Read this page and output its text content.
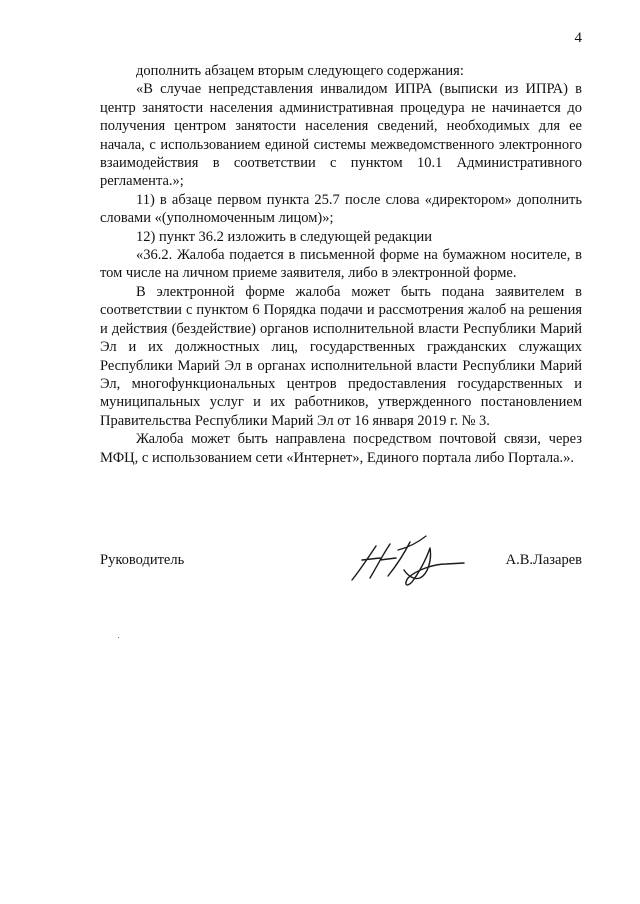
4

дополнить абзацем вторым следующего содержания:

«В случае непредставления инвалидом ИПРА (выписки из ИПРА) в центр занятости населения административная процедура не начинается до получения центром занятости населения сведений, необходимых для ее начала, с использованием единой системы межведомственного электронного взаимодействия в соответствии с пунктом 10.1 Административного регламента.»;

11) в абзаце первом пункта 25.7 после слова «директором» дополнить словами «(уполномоченным лицом)»;

12) пункт 36.2 изложить в следующей редакции

«36.2. Жалоба подается в письменной форме на бумажном носителе, в том числе на личном приеме заявителя, либо в электронной форме.

В электронной форме жалоба может быть подана заявителем в соответствии с пунктом 6 Порядка подачи и рассмотрения жалоб на решения и действия (бездействие) органов исполнительной власти Республики Марий Эл и их должностных лиц, государственных гражданских служащих Республики Марий Эл в органах исполнительной власти Республики Марий Эл, многофункциональных центров предоставления государственных и муниципальных услуг и их работников, утвержденного постановлением Правительства Республики Марий Эл от 16 января 2019 г. № 3.

Жалоба может быть направлена посредством почтовой связи, через МФЦ, с использованием сети «Интернет», Единого портала либо Портала.».

Руководитель	А.В.Лазарев
